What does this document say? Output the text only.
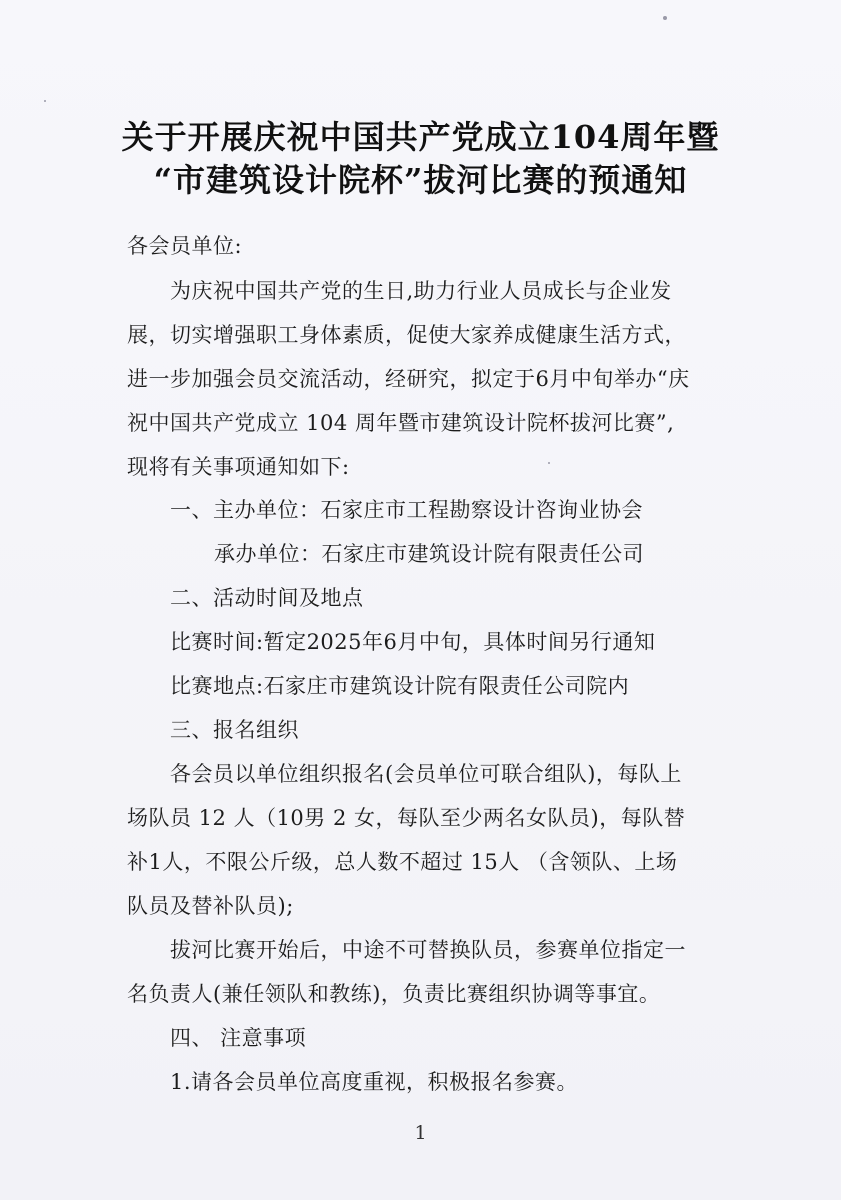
关于开展庆祝中国共产党成立104周年暨
“市建筑设计院杯”拔河比赛的预通知
各会员单位:
为庆祝中国共产党的生日,助力行业人员成长与企业发
展，切实增强职工身体素质，促使大家养成健康生活方式，
进一步加强会员交流活动，经研究，拟定于6月中旬举办“庆
祝中国共产党成立 104 周年暨市建筑设计院杯拔河比赛”,
现将有关事项通知如下:
一、主办单位：石家庄市工程勘察设计咨询业协会
承办单位：石家庄市建筑设计院有限责任公司
二、活动时间及地点
比赛时间:暂定2025年6月中旬，具体时间另行通知
比赛地点:石家庄市建筑设计院有限责任公司院内
三、报名组织
各会员以单位组织报名(会员单位可联合组队)，每队上
场队员 12 人（10男 2 女，每队至少两名女队员)，每队替
补1人，不限公斤级，总人数不超过 15人 （含领队、上场
队员及替补队员);
拔河比赛开始后，中途不可替换队员，参赛单位指定一
名负责人(兼任领队和教练)，负责比赛组织协调等事宜。
四、 注意事项
1.请各会员单位高度重视，积极报名参赛。
1
